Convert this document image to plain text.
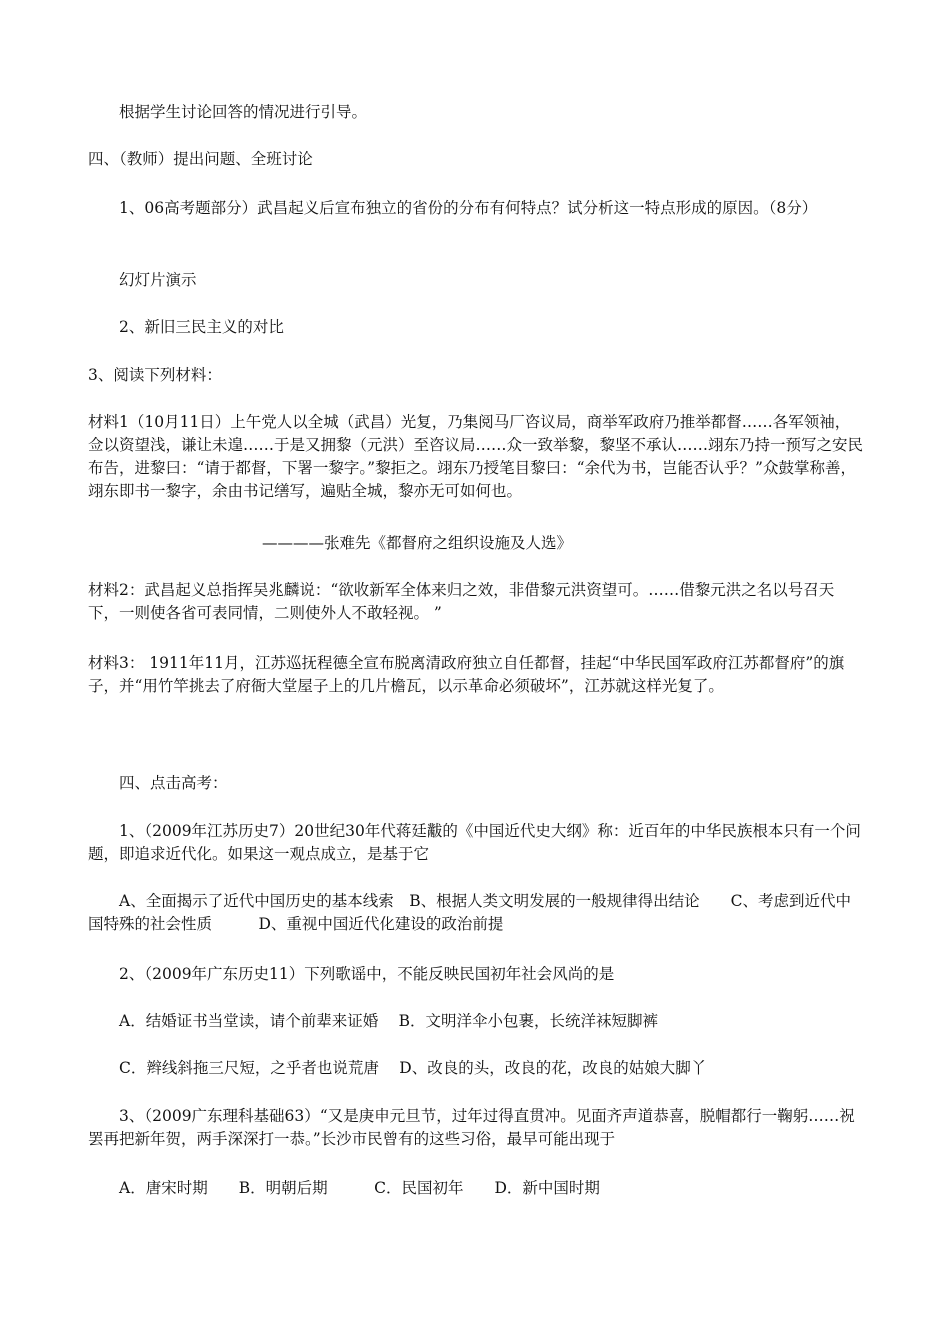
根据学生讨论回答的情况进行引导。

四、（教师）提出问题、全班讨论

1、06高考题部分）武昌起义后宣布独立的省份的分布有何特点？试分析这一特点形成的原因。（8分）

幻灯片演示

2、新旧三民主义的对比

3、阅读下列材料：

材料1（10月11日）上午党人以全城（武昌）光复，乃集阅马厂咨议局，商举军政府乃推举都督……各军领袖，佥以资望浅，谦让未遑……于是又拥黎（元洪）至咨议局……众一致举黎，黎坚不承认……翊东乃持一预写之安民布告，进黎曰：“请于都督，下署一黎字。”黎拒之。翊东乃授笔目黎曰：“余代为书，岂能否认乎？”众鼓掌称善，翊东即书一黎字，余由书记缮写，遍贴全城，黎亦无可如何也。

————张难先《都督府之组织设施及人选》

材料2：武昌起义总指挥吴兆麟说：“欲收新军全体来归之效，非借黎元洪资望可。……借黎元洪之名以号召天下，一则使各省可表同情，二则使外人不敢轻视。 ”

材料3： 1911年11月，江苏巡抚程德全宣布脱离清政府独立自任都督，挂起“中华民国军政府江苏都督府”的旗子，并“用竹竿挑去了府衙大堂屋子上的几片檐瓦，以示革命必须破坏”，江苏就这样光复了。

四、点击高考：

1、（2009年江苏历史7）20世纪30年代蒋廷黻的《中国近代史大纲》称：近百年的中华民族根本只有一个问题，即追求近代化。如果这一观点成立，是基于它

A、全面揭示了近代中国历史的基本线索　B、根据人类文明发展的一般规律得出结论　　C、考虑到近代中国特殊的社会性质　　　D、重视中国近代化建设的政治前提

2、（2009年广东历史11）下列歌谣中，不能反映民国初年社会风尚的是

A．结婚证书当堂读，请个前辈来证婚　 B．文明洋伞小包裹，长统洋袜短脚裤

C．辫线斜拖三尺短，之乎者也说荒唐　 D、改良的头，改良的花，改良的姑娘大脚丫

3、（2009广东理科基础63）“又是庚申元旦节，过年过得直贯冲。见面齐声道恭喜，脱帽都行一鞠躬……祝罢再把新年贺，两手深深打一恭。”长沙市民曾有的这些习俗，最早可能出现于

A．唐宋时期　　B．明朝后期　　　C．民国初年　　D．新中国时期
